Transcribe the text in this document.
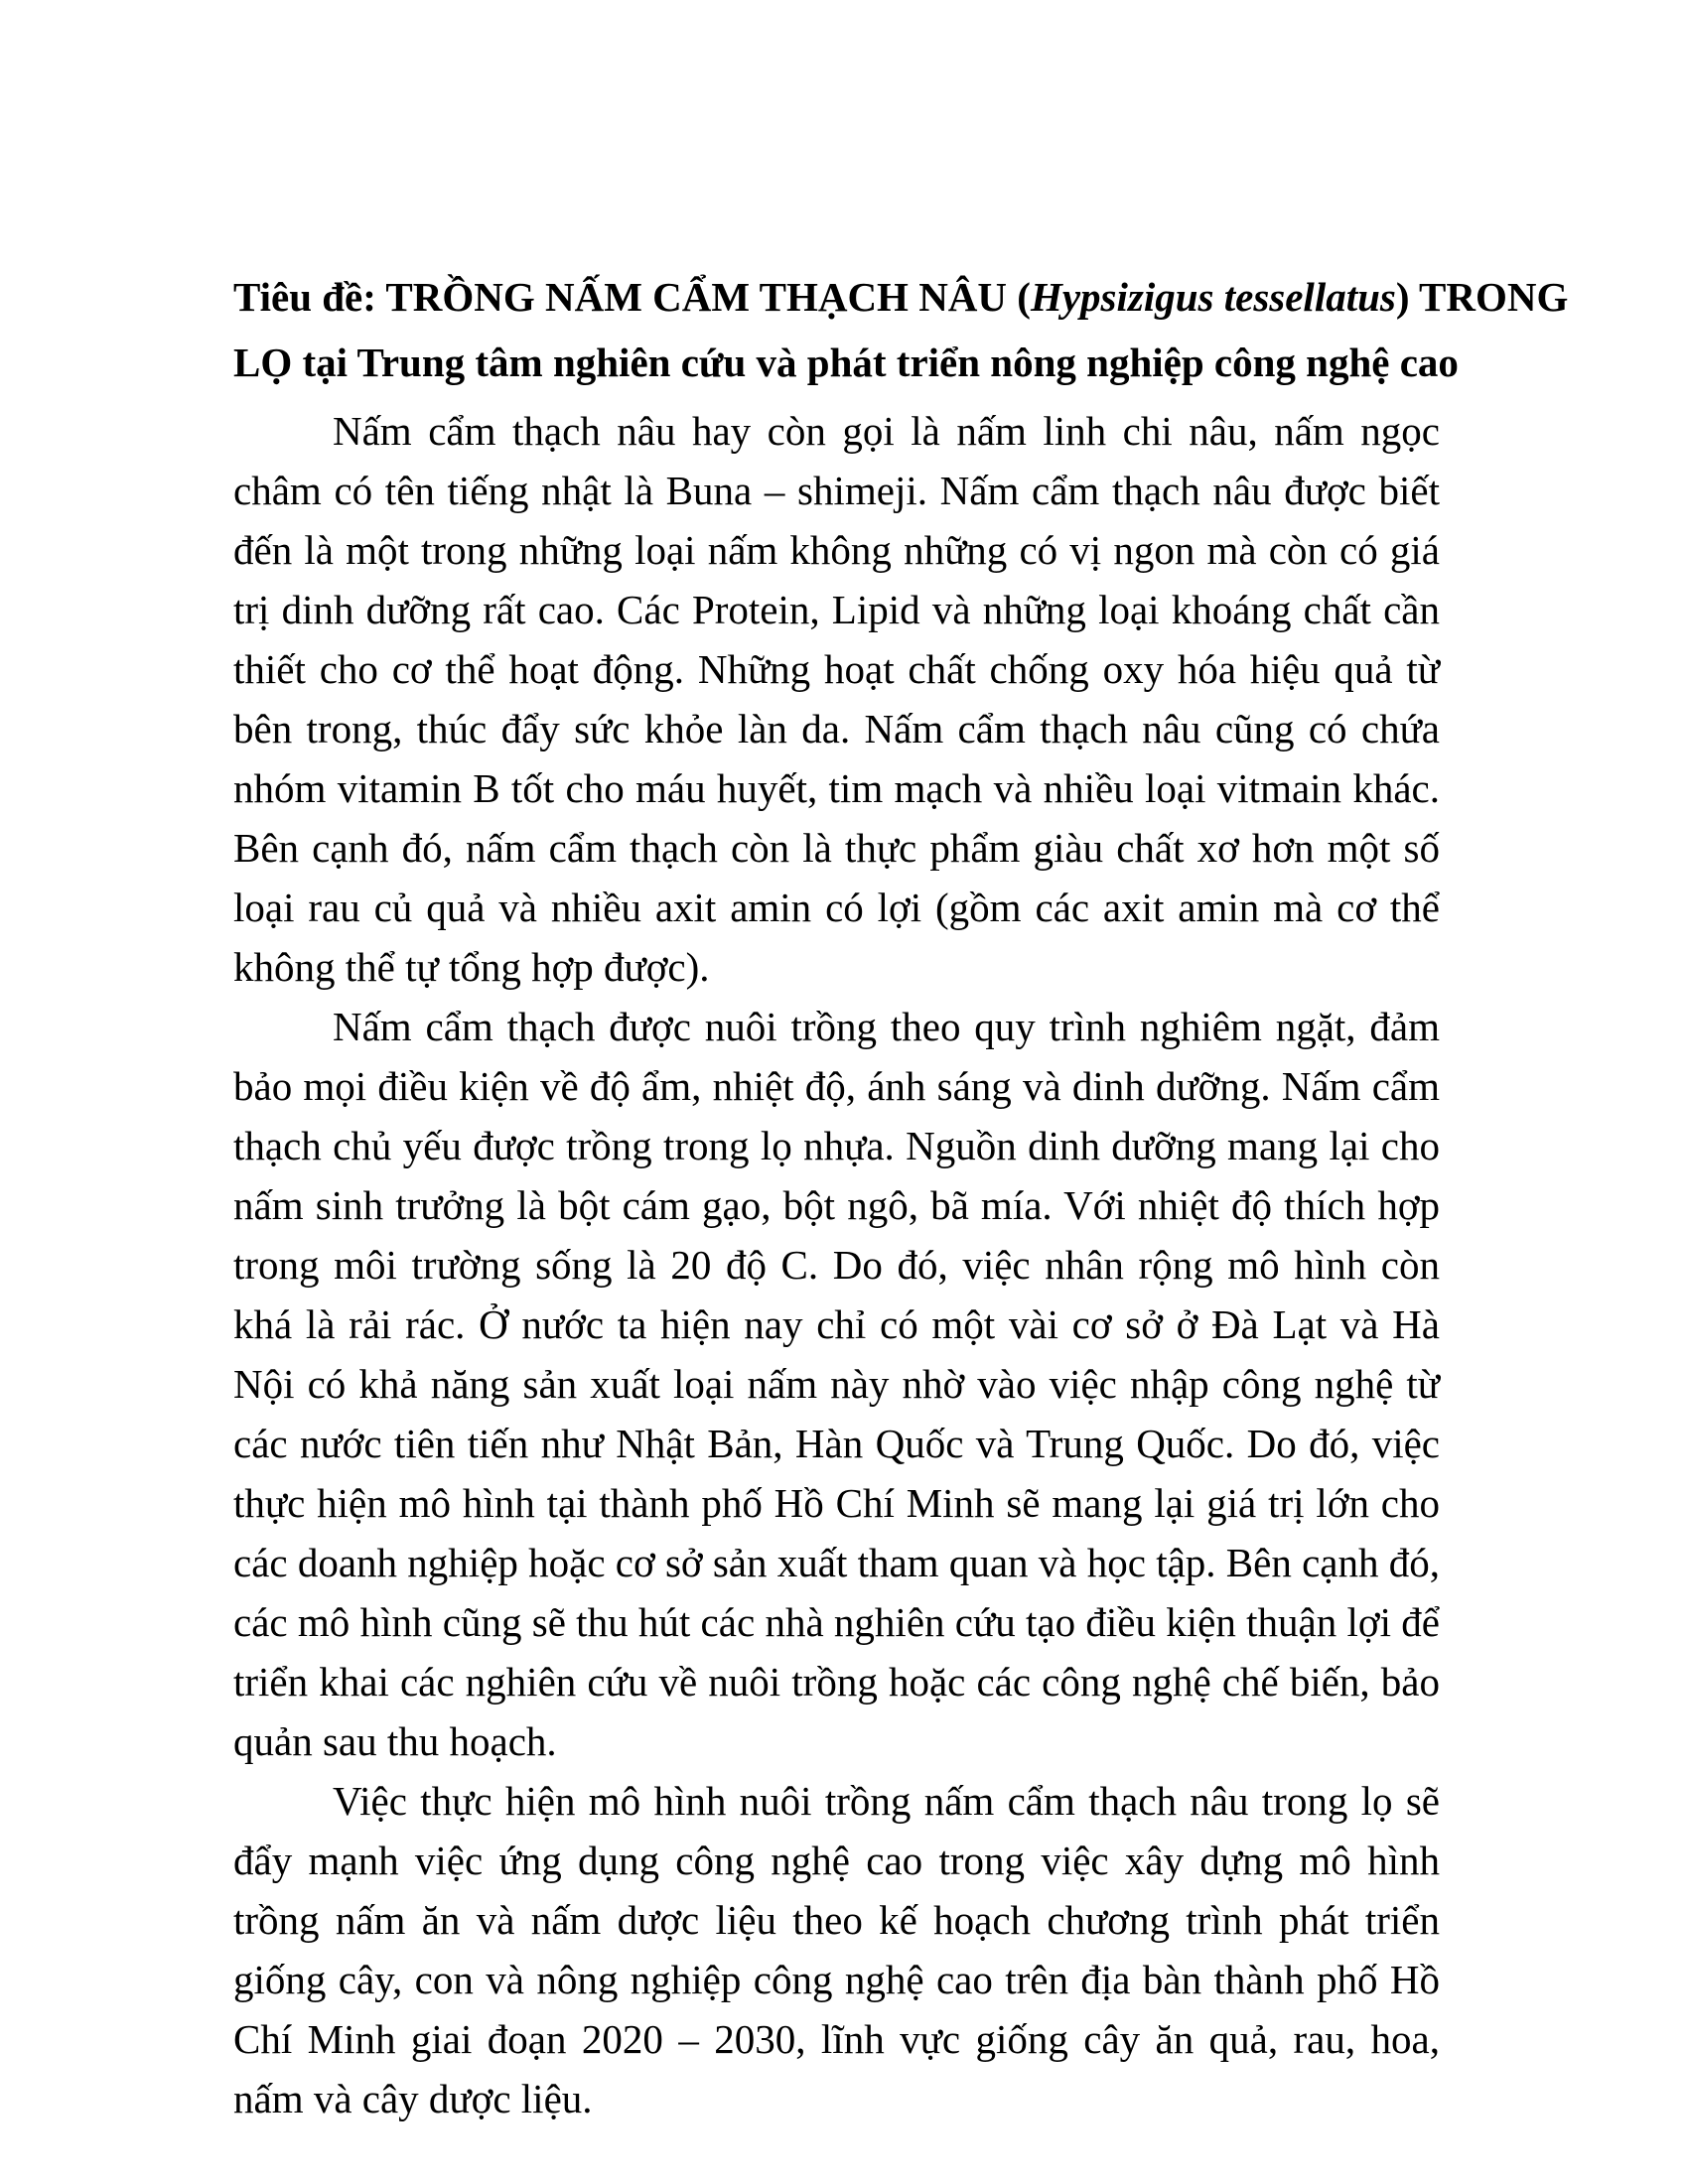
Tiêu đề: TRỒNG NẤM CẨM THẠCH NÂU (Hypsizigus tessellatus) TRONG
LỌ tại Trung tâm nghiên cứu và phát triển nông nghiệp công nghệ cao

Nấm cẩm thạch nâu hay còn gọi là nấm linh chi nâu, nấm ngọc châm có tên tiếng nhật là Buna – shimeji. Nấm cẩm thạch nâu được biết đến là một trong những loại nấm không những có vị ngon mà còn có giá trị dinh dưỡng rất cao. Các Protein, Lipid và những loại khoáng chất cần thiết cho cơ thể hoạt động. Những hoạt chất chống oxy hóa hiệu quả từ bên trong, thúc đẩy sức khỏe làn da. Nấm cẩm thạch nâu cũng có chứa nhóm vitamin B tốt cho máu huyết, tim mạch và nhiều loại vitmain khác. Bên cạnh đó, nấm cẩm thạch còn là thực phẩm giàu chất xơ hơn một số loại rau củ quả và nhiều axit amin có lợi (gồm các axit amin mà cơ thể không thể tự tổng hợp được).

Nấm cẩm thạch được nuôi trồng theo quy trình nghiêm ngặt, đảm bảo mọi điều kiện về độ ẩm, nhiệt độ, ánh sáng và dinh dưỡng. Nấm cẩm thạch chủ yếu được trồng trong lọ nhựa. Nguồn dinh dưỡng mang lại cho nấm sinh trưởng là bột cám gạo, bột ngô, bã mía. Với nhiệt độ thích hợp trong môi trường sống là 20 độ C. Do đó, việc nhân rộng mô hình còn khá là rải rác. Ở nước ta hiện nay chỉ có một vài cơ sở ở Đà Lạt và Hà Nội có khả năng sản xuất loại nấm này nhờ vào việc nhập công nghệ từ các nước tiên tiến như Nhật Bản, Hàn Quốc và Trung Quốc. Do đó, việc thực hiện mô hình tại thành phố Hồ Chí Minh sẽ mang lại giá trị lớn cho các doanh nghiệp hoặc cơ sở sản xuất tham quan và học tập. Bên cạnh đó, các mô hình cũng sẽ thu hút các nhà nghiên cứu tạo điều kiện thuận lợi để triển khai các nghiên cứu về nuôi trồng hoặc các công nghệ chế biến, bảo quản sau thu hoạch.

Việc thực hiện mô hình nuôi trồng nấm cẩm thạch nâu trong lọ sẽ đẩy mạnh việc ứng dụng công nghệ cao trong việc xây dựng mô hình trồng nấm ăn và nấm dược liệu theo kế hoạch chương trình phát triển giống cây, con và nông nghiệp công nghệ cao trên địa bàn thành phố Hồ Chí Minh giai đoạn 2020 – 2030, lĩnh vực giống cây ăn quả, rau, hoa, nấm và cây dược liệu.
